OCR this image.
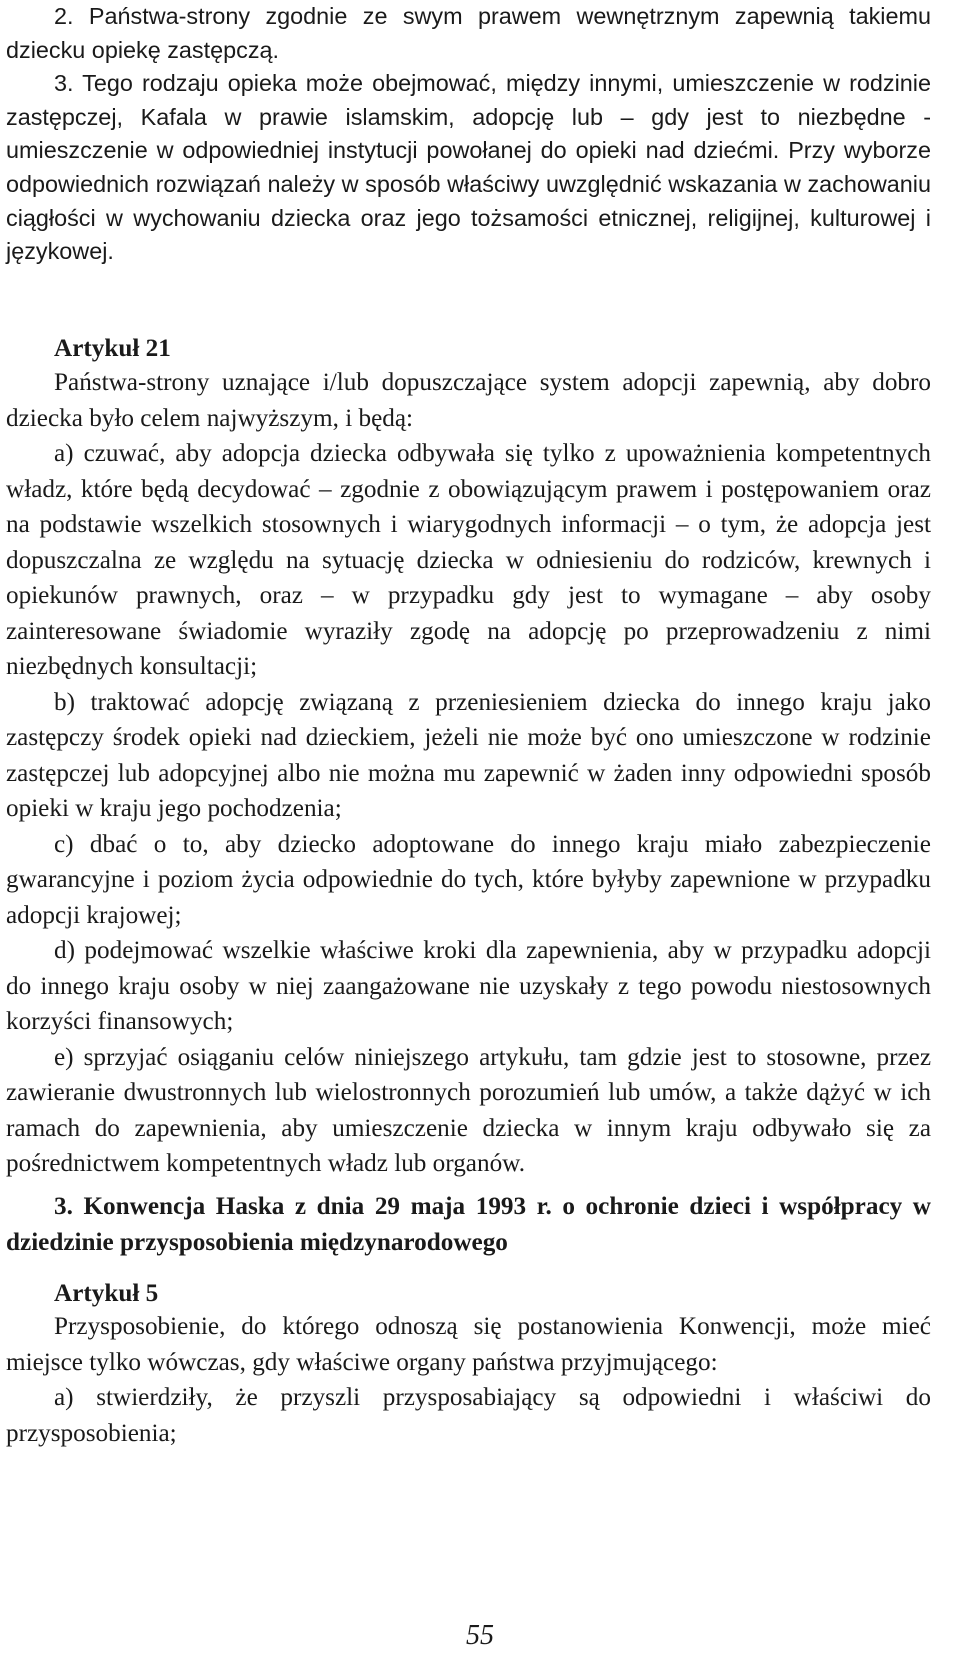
2. Państwa-strony zgodnie ze swym prawem wewnętrznym zapewnią takiemu dziecku opiekę zastępczą.

3. Tego rodzaju opieka może obejmować, między innymi, umieszczenie w rodzinie zastępczej, Kafala w prawie islamskim, adopcję lub – gdy jest to niezbędne - umieszczenie w odpowiedniej instytucji powołanej do opieki nad dziećmi. Przy wyborze odpowiednich rozwiązań należy w sposób właściwy uwzględnić wskazania w zachowaniu ciągłości w wychowaniu dziecka oraz jego tożsamości etnicznej, religijnej, kulturowej i językowej.

Artykuł 21

Państwa-strony uznające i/lub dopuszczające system adopcji zapewnią, aby dobro dziecka było celem najwyższym, i będą:

a) czuwać, aby adopcja dziecka odbywała się tylko z upoważnienia kompetentnych władz, które będą decydować – zgodnie z obowiązującym prawem i postępowaniem oraz na podstawie wszelkich stosownych i wiarygodnych informacji – o tym, że adopcja jest dopuszczalna ze względu na sytuację dziecka w odniesieniu do rodziców, krewnych i opiekunów prawnych, oraz – w przypadku gdy jest to wymagane – aby osoby zainteresowane świadomie wyraziły zgodę na adopcję po przeprowadzeniu z nimi niezbędnych konsultacji;

b) traktować adopcję związaną z przeniesieniem dziecka do innego kraju jako zastępczy środek opieki nad dzieckiem, jeżeli nie może być ono umieszczone w rodzinie zastępczej lub adopcyjnej albo nie można mu zapewnić w żaden inny odpowiedni sposób opieki w kraju jego pochodzenia;

c) dbać o to, aby dziecko adoptowane do innego kraju miało zabezpieczenie gwarancyjne i poziom życia odpowiednie do tych, które byłyby zapewnione w przypadku adopcji krajowej;

d) podejmować wszelkie właściwe kroki dla zapewnienia, aby w przypadku adopcji do innego kraju osoby w niej zaangażowane nie uzyskały z tego powodu niestosownych korzyści finansowych;

e) sprzyjać osiąganiu celów niniejszego artykułu, tam gdzie jest to stosowne, przez zawieranie dwustronnych lub wielostronnych porozumień lub umów, a także dążyć w ich ramach do zapewnienia, aby umieszczenie dziecka w innym kraju odbywało się za pośrednictwem kompetentnych władz lub organów.

3. Konwencja Haska z dnia 29 maja 1993 r. o ochronie dzieci i współpracy w dziedzinie przysposobienia międzynarodowego
Artykuł 5

Przysposobienie, do którego odnoszą się postanowienia Konwencji, może mieć miejsce tylko wówczas, gdy właściwe organy państwa przyjmującego:

a) stwierdziły, że przyszli przysposabiający są odpowiedni i właściwi do przysposobienia;

55
